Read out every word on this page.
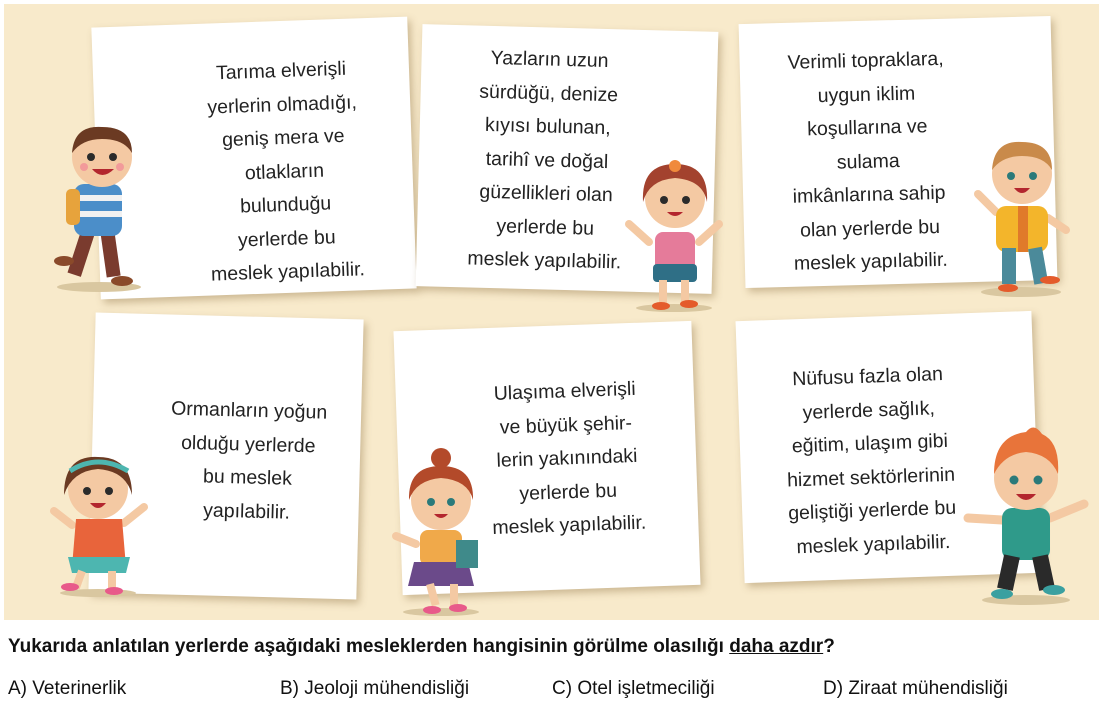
Tarıma elverişli
yerlerin olmadığı,
geniş mera ve
otlakların
bulunduğu
yerlerde bu
meslek yapılabilir.
Yazların uzun
sürdüğü, denize
kıyısı bulunan,
tarihî ve doğal
güzellikleri olan
yerlerde bu
meslek yapılabilir.
Verimli topraklara,
uygun iklim
koşullarına ve
sulama
imkânlarına sahip
olan yerlerde bu
meslek yapılabilir.
Ormanların yoğun
olduğu yerlerde
bu meslek
yapılabilir.
Ulaşıma elverişli
ve büyük şehir-
lerin yakınındaki
yerlerde bu
meslek yapılabilir.
Nüfusu fazla olan
yerlerde sağlık,
eğitim, ulaşım gibi
hizmet sektörlerinin
geliştiği yerlerde bu
meslek yapılabilir.
Yukarıda anlatılan yerlerde aşağıdaki mesleklerden hangisinin görülme olasılığı daha azdır?
A) Veterinerlik	B) Jeoloji mühendisliği	C) Otel işletmeciliği	D) Ziraat mühendisliği
